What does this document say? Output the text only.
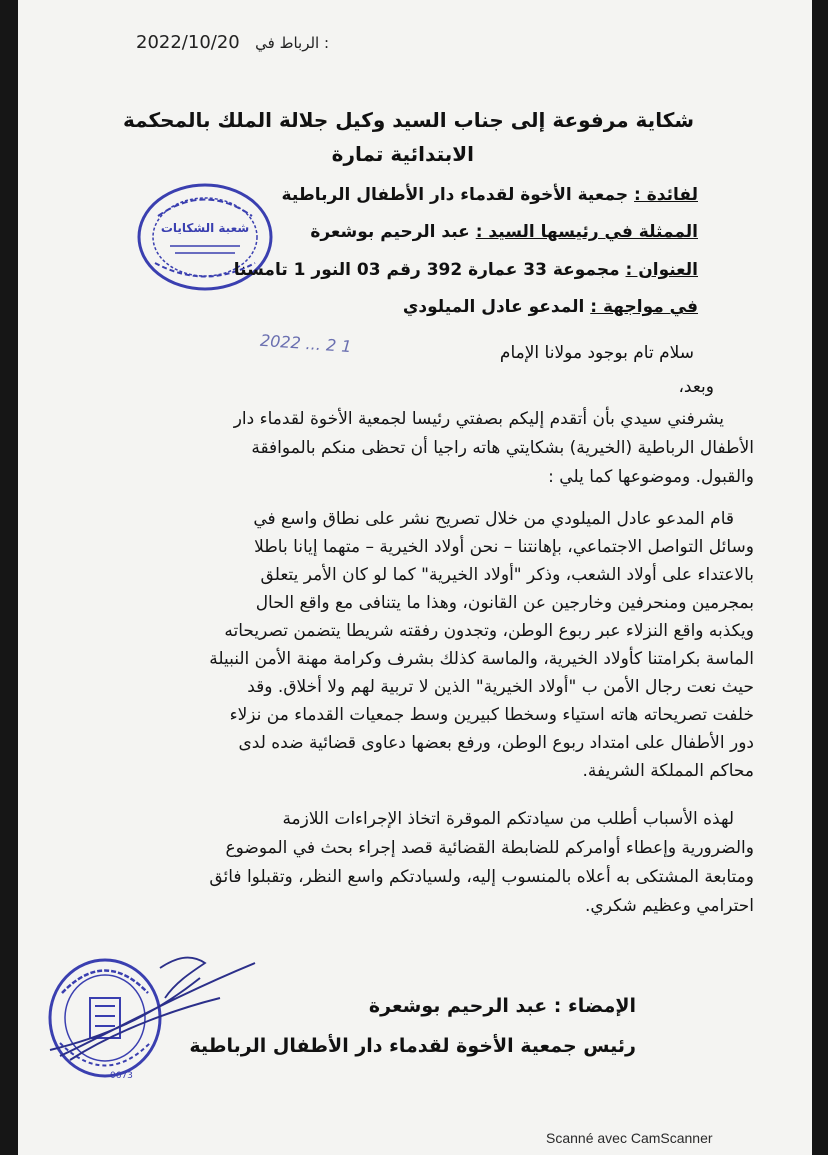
2022/10/20 الرباط في :
شكاية مرفوعة إلى جناب السيد وكيل جلالة الملك بالمحكمة
الابتدائية تمارة
شعبة الشكايات
لفائدة : جمعية الأخوة لقدماء دار الأطفال الرباطية
الممثلة في رئيسها السيد : عبد الرحيم بوشعرة
العنوان : مجموعة 33 عمارة 392 رقم 03 النور 1 تامسنا
في مواجهة : المدعو عادل الميلودي
2022 ... 2 1	سلام تام بوجود مولانا الإمام
وبعد،
يشرفني سيدي بأن أتقدم إليكم بصفتي رئيسا لجمعية الأخوة لقدماء دار
الأطفال الرباطية (الخيرية) بشكايتي هاته راجيا أن تحظى منكم بالموافقة
والقبول. وموضوعها كما يلي :
قام المدعو عادل الميلودي من خلال تصريح نشر على نطاق واسع في
وسائل التواصل الاجتماعي، بإهانتنا – نحن أولاد الخيرية – متهما إيانا باطلا
بالاعتداء على أولاد الشعب، وذكر "أولاد الخيرية" كما لو كان الأمر يتعلق
بمجرمين ومنحرفين وخارجين عن القانون، وهذا ما يتنافى مع واقع الحال
ويكذبه واقع النزلاء عبر ربوع الوطن، وتجدون رفقته شريطا يتضمن تصريحاته
الماسة بكرامتنا كأولاد الخيرية، والماسة كذلك بشرف وكرامة مهنة الأمن النبيلة
حيث نعت رجال الأمن ب "أولاد الخيرية" الذين لا تربية لهم ولا أخلاق. وقد
خلفت تصريحاته هاته استياء وسخطا كبيرين وسط جمعيات القدماء من نزلاء
دور الأطفال على امتداد ربوع الوطن، ورفع بعضها دعاوى قضائية ضده لدى
محاكم المملكة الشريفة.
لهذه الأسباب أطلب من سيادتكم الموقرة اتخاذ الإجراءات اللازمة
والضرورية وإعطاء أوامركم للضابطة القضائية قصد إجراء بحث في الموضوع
ومتابعة المشتكى به أعلاه بالمنسوب إليه، ولسيادتكم واسع النظر، وتقبلوا فائق
احترامي وعظيم شكري.
0673
الإمضاء : عبد الرحيم بوشعرة
رئيس جمعية الأخوة لقدماء دار الأطفال الرباطية
Scanné avec CamScanner
